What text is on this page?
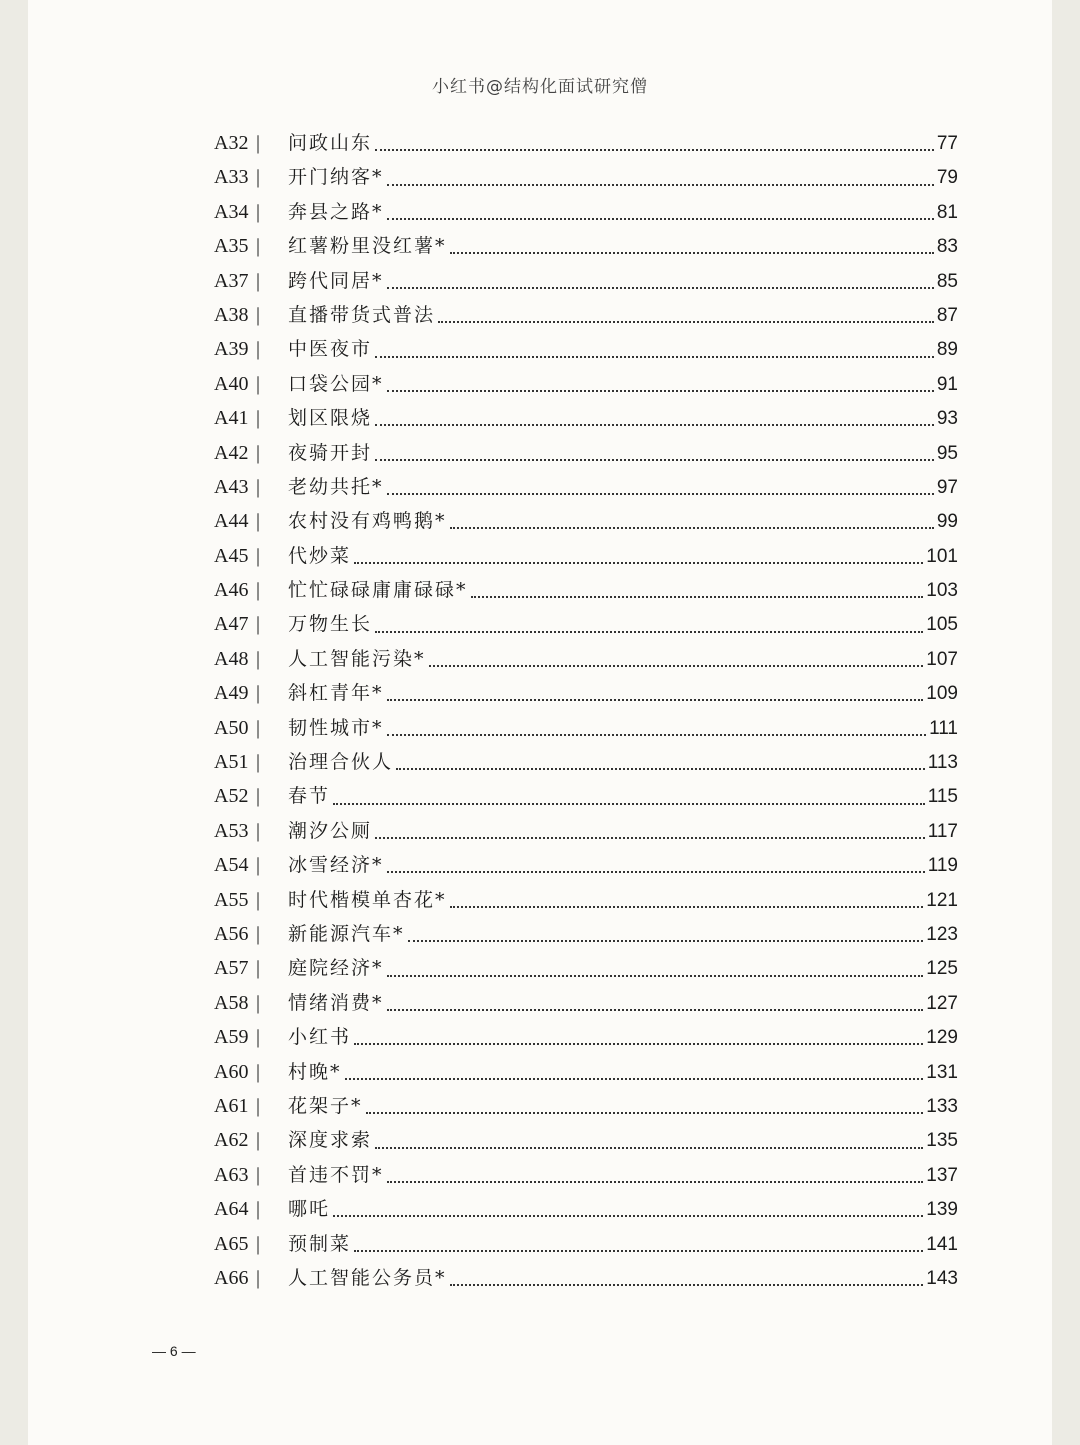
小红书@结构化面试研究僧
A32 |	问政山东	77
A33 |	开门纳客*	79
A34 |	奔县之路*	81
A35 |	红薯粉里没红薯*	83
A37 |	跨代同居*	85
A38 |	直播带货式普法	87
A39 |	中医夜市	89
A40 |	口袋公园*	91
A41 |	划区限烧	93
A42 |	夜骑开封	95
A43 |	老幼共托*	97
A44 |	农村没有鸡鸭鹅*	99
A45 |	代炒菜	101
A46 |	忙忙碌碌庸庸碌碌*	103
A47 |	万物生长	105
A48 |	人工智能污染*	107
A49 |	斜杠青年*	109
A50 |	韧性城市*	111
A51 |	治理合伙人	113
A52 |	春节	115
A53 |	潮汐公厕	117
A54 |	冰雪经济*	119
A55 |	时代楷模单杏花*	121
A56 |	新能源汽车*	123
A57 |	庭院经济*	125
A58 |	情绪消费*	127
A59 |	小红书	129
A60 |	村晚*	131
A61 |	花架子*	133
A62 |	深度求索	135
A63 |	首违不罚*	137
A64 |	哪吒	139
A65 |	预制菜	141
A66 |	人工智能公务员*	143
— 6 —
